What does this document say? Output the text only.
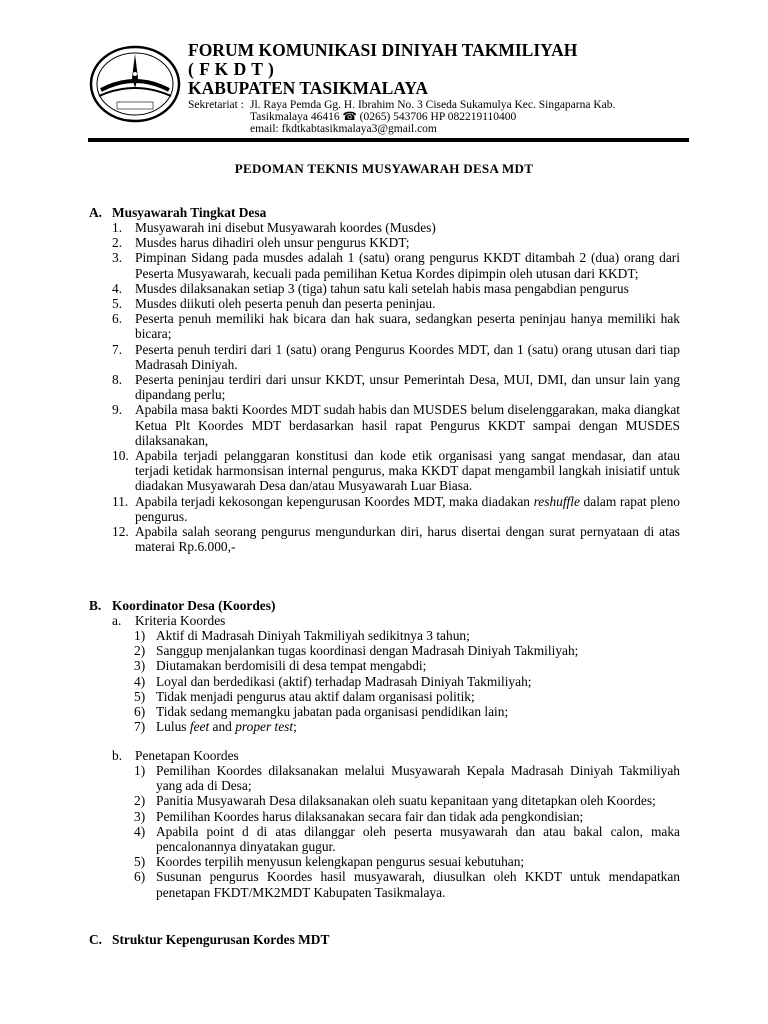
FORUM KOMUNIKASI DINIYAH TAKMILIYAH
( F K D T )
KABUPATEN TASIKMALAYA
Sekretariat : Jl. Raya Pemda Gg. H. Ibrahim No. 3 Ciseda Sukamulya Kec. Singaparna Kab.
Tasikmalaya 46416 ☎ (0265) 543706 HP 082219110400
email: fkdtkabtasikmalaya3@gmail.com
PEDOMAN TEKNIS MUSYAWARAH DESA MDT
A. Musyawarah Tingkat Desa
1. Musyawarah ini disebut Musyawarah koordes (Musdes)
2. Musdes harus dihadiri oleh unsur pengurus KKDT;
3. Pimpinan Sidang pada musdes adalah 1 (satu) orang pengurus KKDT ditambah 2 (dua) orang dari Peserta Musyawarah, kecuali pada pemilihan Ketua Kordes dipimpin oleh utusan dari KKDT;
4. Musdes dilaksanakan setiap 3 (tiga) tahun satu kali setelah habis masa pengabdian pengurus
5. Musdes diikuti oleh peserta penuh dan peserta peninjau.
6. Peserta penuh memiliki hak bicara dan hak suara, sedangkan peserta peninjau hanya memiliki hak bicara;
7. Peserta penuh terdiri dari 1 (satu) orang Pengurus Koordes MDT, dan 1 (satu) orang utusan dari tiap Madrasah Diniyah.
8. Peserta peninjau terdiri dari unsur KKDT, unsur Pemerintah Desa, MUI, DMI, dan unsur lain yang dipandang perlu;
9. Apabila masa bakti Koordes MDT sudah habis dan MUSDES belum diselenggarakan, maka diangkat Ketua Plt Koordes MDT berdasarkan hasil rapat Pengurus KKDT sampai dengan MUSDES dilaksanakan,
10. Apabila terjadi pelanggaran konstitusi dan kode etik organisasi yang sangat mendasar, dan atau terjadi ketidak harmonsisan internal pengurus, maka KKDT dapat mengambil langkah inisiatif untuk diadakan Musyawarah Desa dan/atau Musyawarah Luar Biasa.
11. Apabila terjadi kekosongan kepengurusan Koordes MDT, maka diadakan reshuffle dalam rapat pleno pengurus.
12. Apabila salah seorang pengurus mengundurkan diri, harus disertai dengan surat pernyataan di atas materai Rp.6.000,-
B. Koordinator Desa (Koordes)
a. Kriteria Koordes
1) Aktif di Madrasah Diniyah Takmiliyah sedikitnya 3 tahun;
2) Sanggup menjalankan tugas koordinasi dengan Madrasah Diniyah Takmiliyah;
3) Diutamakan berdomisili di desa tempat mengabdi;
4) Loyal dan berdedikasi (aktif) terhadap Madrasah Diniyah Takmiliyah;
5) Tidak menjadi pengurus atau aktif dalam organisasi politik;
6) Tidak sedang memangku jabatan pada organisasi pendidikan lain;
7) Lulus feet and proper test;
b. Penetapan Koordes
1) Pemilihan Koordes dilaksanakan melalui Musyawarah Kepala Madrasah Diniyah Takmiliyah yang ada di Desa;
2) Panitia Musyawarah Desa dilaksanakan oleh suatu kepanitaan yang ditetapkan oleh Koordes;
3) Pemilihan Koordes harus dilaksanakan secara fair dan tidak ada pengkondisian;
4) Apabila point d di atas dilanggar oleh peserta musyawarah dan atau bakal calon, maka pencalonannya dinyatakan gugur.
5) Koordes terpilih menyusun kelengkapan pengurus sesuai kebutuhan;
6) Susunan pengurus Koordes hasil musyawarah, diusulkan oleh KKDT untuk mendapatkan penetapan FKDT/MK2MDT Kabupaten Tasikmalaya.
C. Struktur Kepengurusan Kordes MDT
